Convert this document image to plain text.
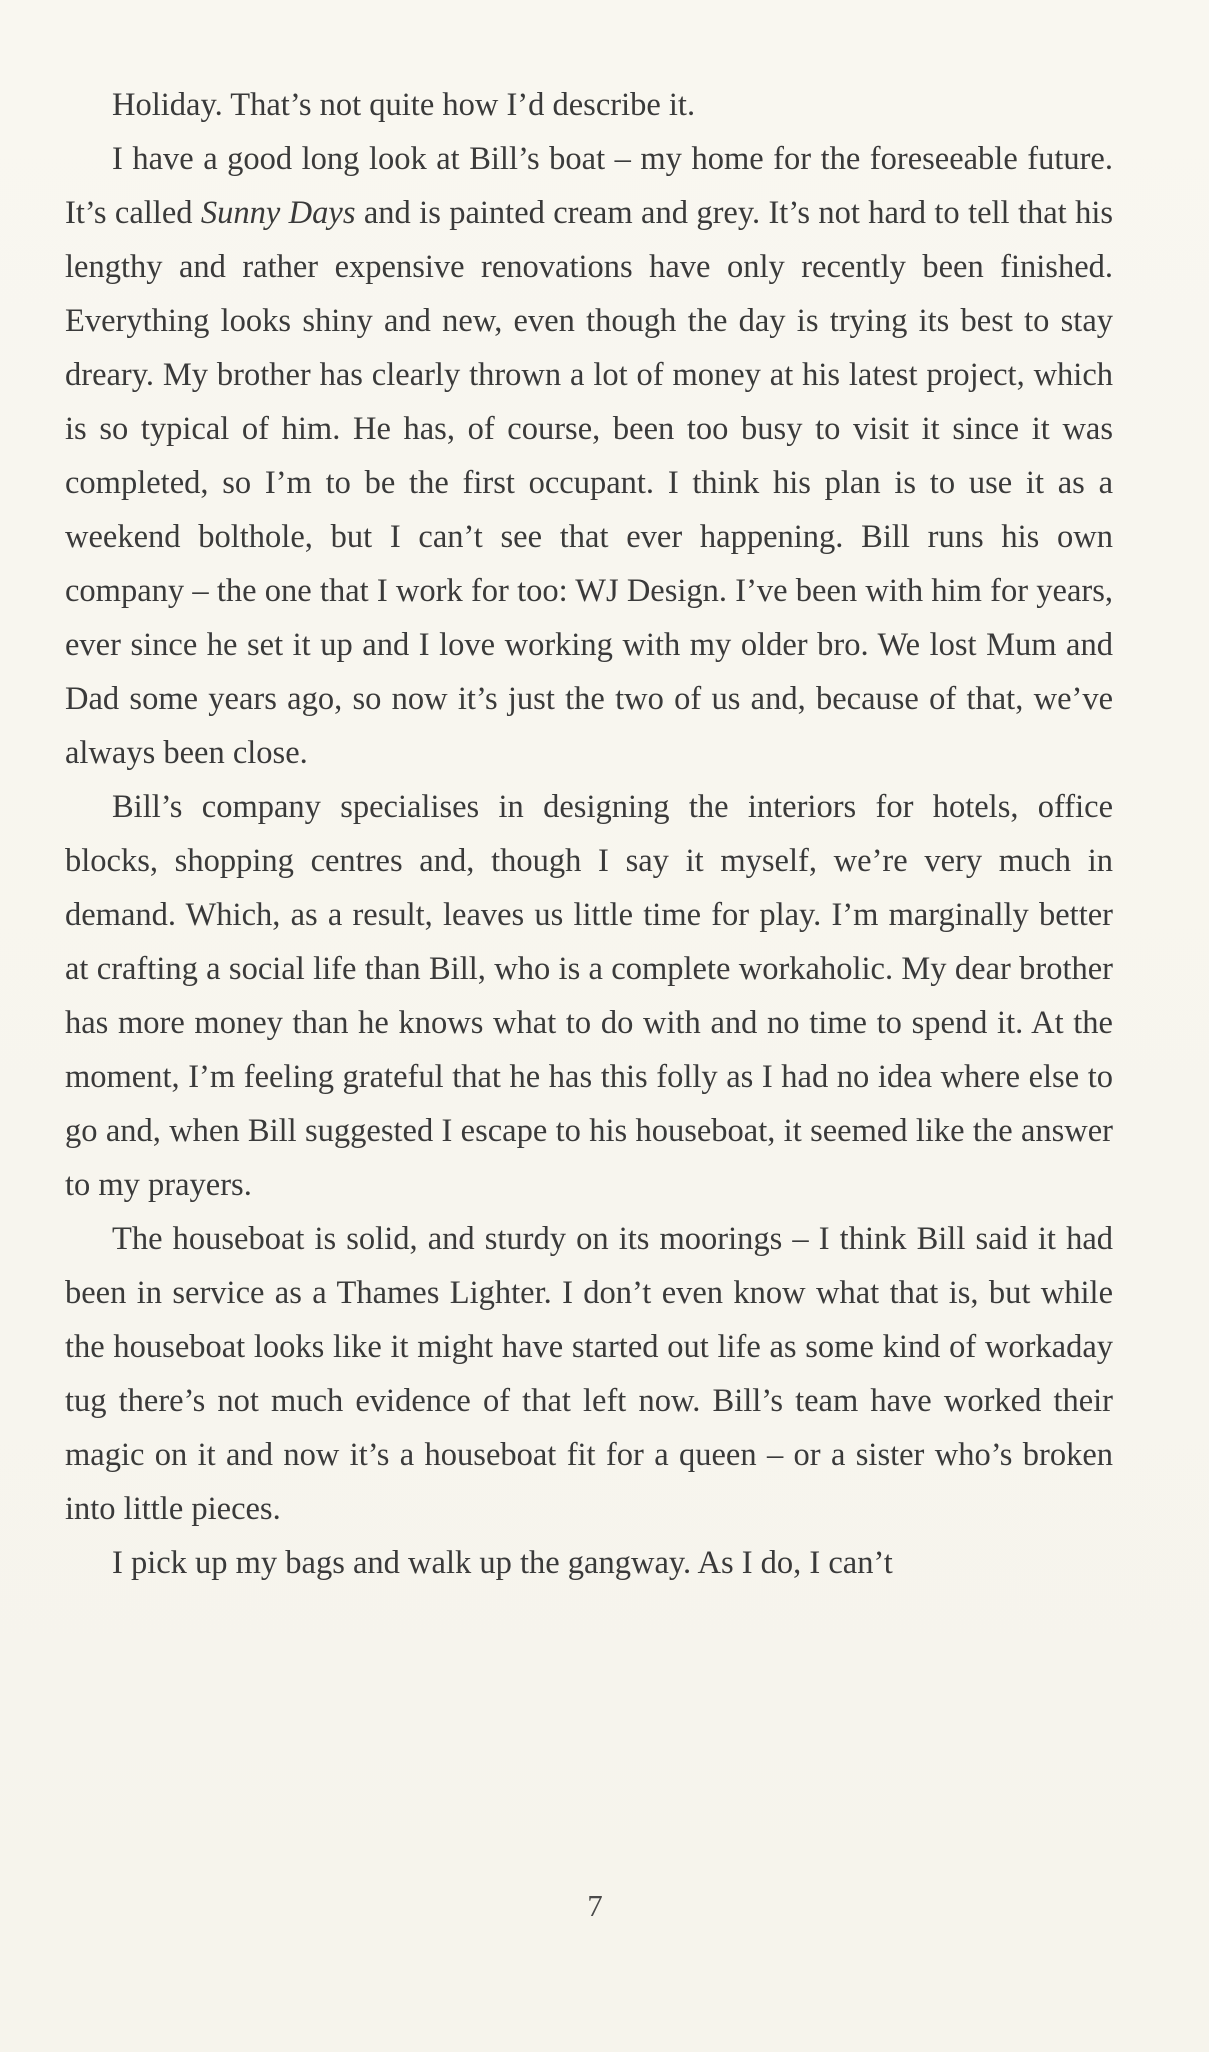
Holiday. That’s not quite how I’d describe it.

I have a good long look at Bill’s boat – my home for the foreseeable future. It’s called Sunny Days and is painted cream and grey. It’s not hard to tell that his lengthy and rather expensive renovations have only recently been finished. Everything looks shiny and new, even though the day is trying its best to stay dreary. My brother has clearly thrown a lot of money at his latest project, which is so typical of him. He has, of course, been too busy to visit it since it was completed, so I’m to be the first occupant. I think his plan is to use it as a weekend bolthole, but I can’t see that ever happening. Bill runs his own company – the one that I work for too: WJ Design. I’ve been with him for years, ever since he set it up and I love working with my older bro. We lost Mum and Dad some years ago, so now it’s just the two of us and, because of that, we’ve always been close.

Bill’s company specialises in designing the interiors for hotels, office blocks, shopping centres and, though I say it myself, we’re very much in demand. Which, as a result, leaves us little time for play. I’m marginally better at crafting a social life than Bill, who is a complete workaholic. My dear brother has more money than he knows what to do with and no time to spend it. At the moment, I’m feeling grateful that he has this folly as I had no idea where else to go and, when Bill suggested I escape to his houseboat, it seemed like the answer to my prayers.

The houseboat is solid, and sturdy on its moorings – I think Bill said it had been in service as a Thames Lighter. I don’t even know what that is, but while the houseboat looks like it might have started out life as some kind of workaday tug there’s not much evidence of that left now. Bill’s team have worked their magic on it and now it’s a houseboat fit for a queen – or a sister who’s broken into little pieces.

I pick up my bags and walk up the gangway. As I do, I can’t

7
